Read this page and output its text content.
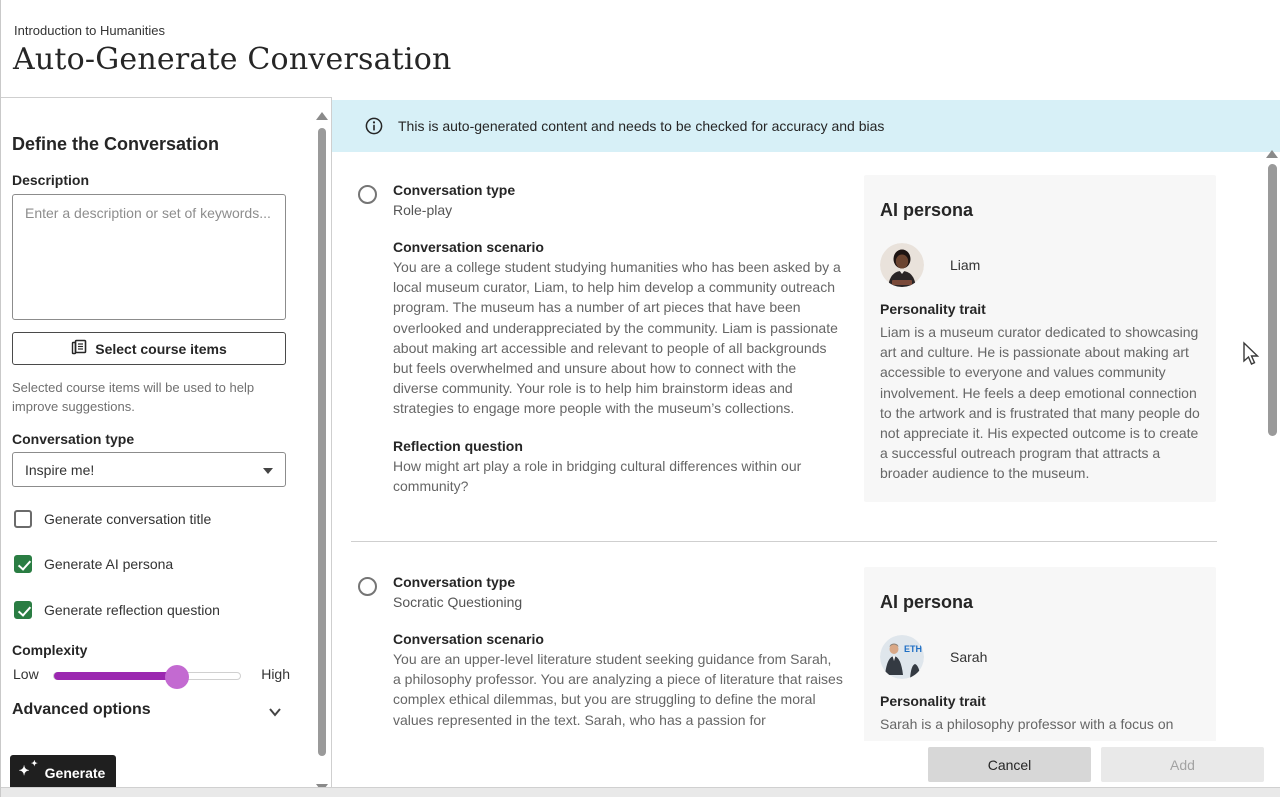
Introduction to Humanities
Auto-Generate Conversation
Define the Conversation
Description
Enter a description or set of keywords...
Select course items
Selected course items will be used to help improve suggestions.
Conversation type
Inspire me!
Generate conversation title
Generate AI persona
Generate reflection question
Complexity
Low	High
Advanced options
✦ ✦
Generate
This is auto-generated content and needs to be checked for accuracy and bias
Conversation type
Role-play
Conversation scenario
You are a college student studying humanities who has been asked by a local museum curator, Liam, to help him develop a community outreach program. The museum has a number of art pieces that have been overlooked and underappreciated by the community. Liam is passionate about making art accessible and relevant to people of all backgrounds but feels overwhelmed and unsure about how to connect with the diverse community. Your role is to help him brainstorm ideas and strategies to engage more people with the museum’s collections.
Reflection question
How might art play a role in bridging cultural differences within our community?
AI persona
Liam
Personality trait
Liam is a museum curator dedicated to showcasing art and culture. He is passionate about making art accessible to everyone and values community involvement. He feels a deep emotional connection to the artwork and is frustrated that many people do not appreciate it. His expected outcome is to create a successful outreach program that attracts a broader audience to the museum.
Conversation type
Socratic Questioning
Conversation scenario
You are an upper-level literature student seeking guidance from Sarah, a philosophy professor. You are analyzing a piece of literature that raises complex ethical dilemmas, but you are struggling to define the moral values represented in the text. Sarah, who has a passion for
AI persona
ETH Sarah
Personality trait
Sarah is a philosophy professor with a focus on
Cancel	Add
